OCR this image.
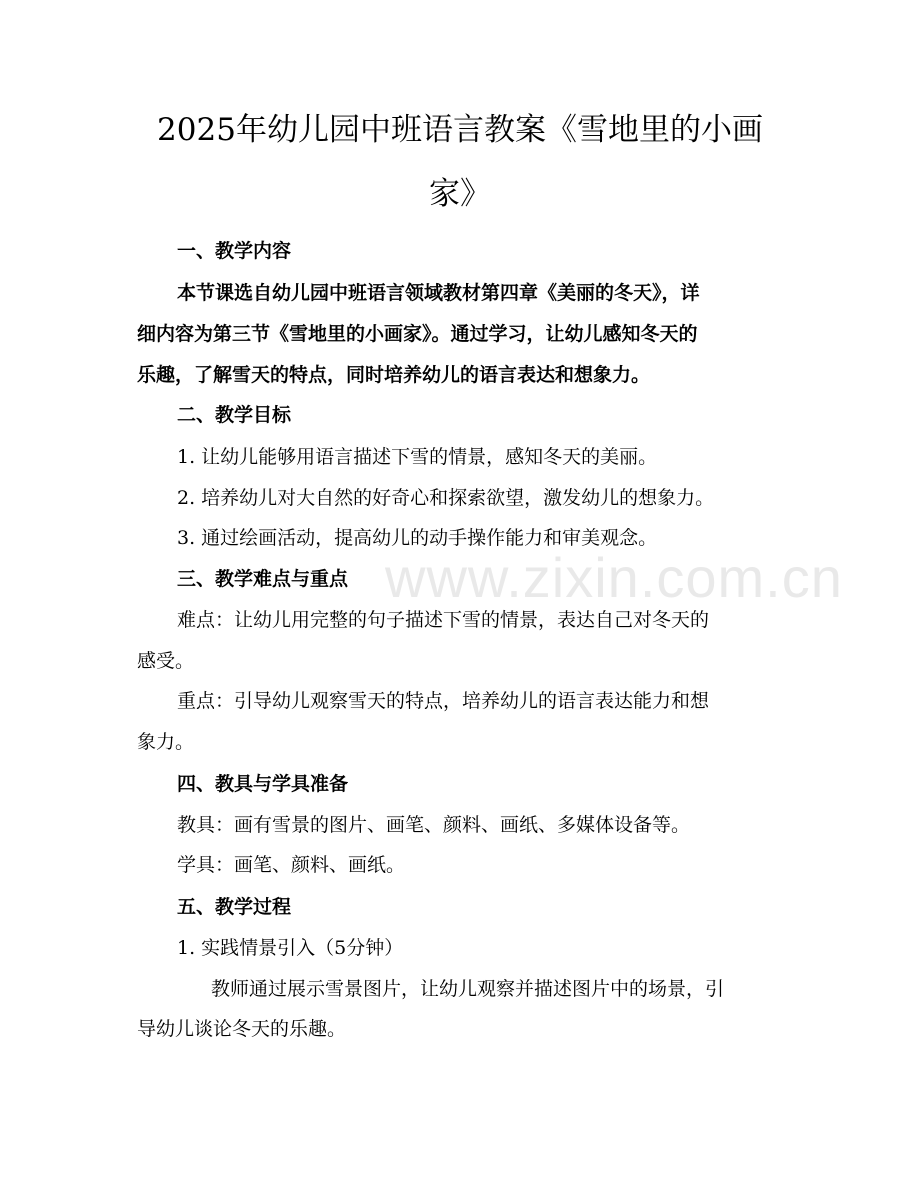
www.zixin.com.cn
2025年幼儿园中班语言教案《雪地里的小画
家》

一、教学内容

本节课选自幼儿园中班语言领域教材第四章《美丽的冬天》，详

细内容为第三节《雪地里的小画家》。通过学习，让幼儿感知冬天的

乐趣，了解雪天的特点，同时培养幼儿的语言表达和想象力。

二、教学目标

1. 让幼儿能够用语言描述下雪的情景，感知冬天的美丽。

2. 培养幼儿对大自然的好奇心和探索欲望，激发幼儿的想象力。

3. 通过绘画活动，提高幼儿的动手操作能力和审美观念。

三、教学难点与重点

难点：让幼儿用完整的句子描述下雪的情景，表达自己对冬天的

感受。

重点：引导幼儿观察雪天的特点，培养幼儿的语言表达能力和想

象力。

四、教具与学具准备

教具：画有雪景的图片、画笔、颜料、画纸、多媒体设备等。

学具：画笔、颜料、画纸。

五、教学过程

1. 实践情景引入（5分钟）

教师通过展示雪景图片，让幼儿观察并描述图片中的场景，引

导幼儿谈论冬天的乐趣。
